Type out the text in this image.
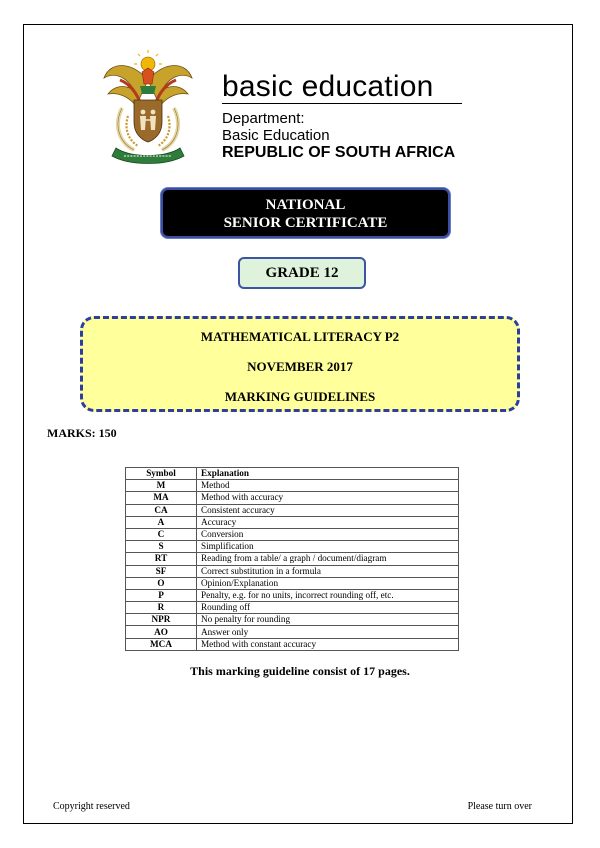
basic education
Department:
Basic Education
REPUBLIC OF SOUTH AFRICA
NATIONAL
SENIOR CERTIFICATE
GRADE 12
MATHEMATICAL LITERACY P2
NOVEMBER 2017
MARKING GUIDELINES
MARKS: 150
Symbol	Explanation
M	Method
MA	Method with accuracy
CA	Consistent accuracy
A	Accuracy
C	Conversion
S	Simplification
RT	Reading from a table/ a graph / document/diagram
SF	Correct substitution in a formula
O	Opinion/Explanation
P	Penalty, e.g. for no units, incorrect rounding off, etc.
R	Rounding off
NPR	No penalty for rounding
AO	Answer only
MCA	Method with constant accuracy
This marking guideline consist of 17 pages.
Copyright reserved	Please turn over
